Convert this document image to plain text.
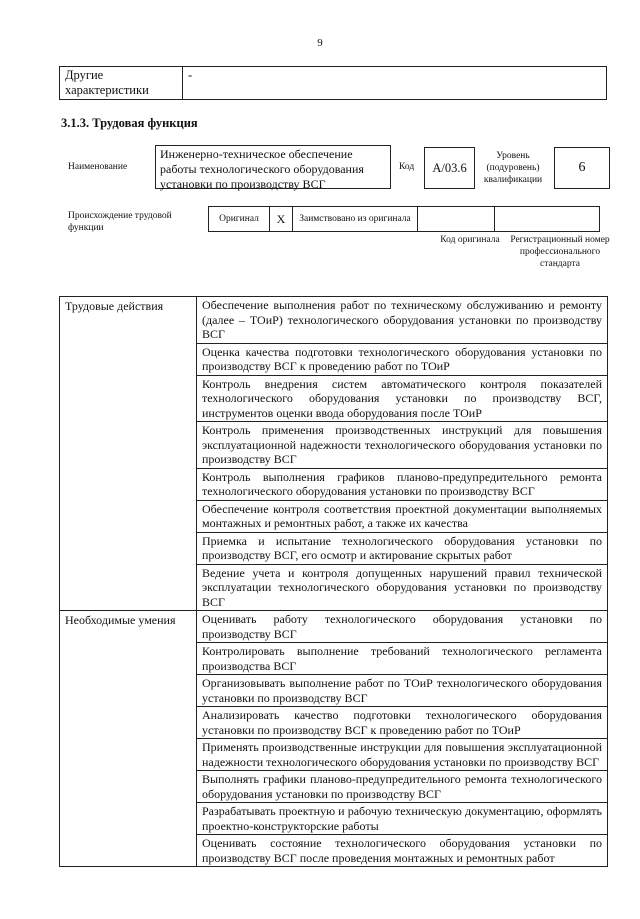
9
Другие характеристики	-
3.1.3. Трудовая функция
Наименование
Инженерно-техническое обеспечение работы технологического оборудования установки по производству ВСГ
Код	A/03.6
Уровень (подуровень) квалификации
6
Происхождение трудовой функции
Оригинал	X	Заимствовано из оригинала		
Код оригинала	Регистрационный номер профессионального стандарта
Трудовые действия	Обеспечение выполнения работ по техническому обслуживанию и ремонту (далее – ТОиР) технологического оборудования установки по производству ВСГ
	Оценка качества подготовки технологического оборудования установки по производству ВСГ к проведению работ по ТОиР
	Контроль внедрения систем автоматического контроля показателей технологического оборудования установки по производству ВСГ, инструментов оценки ввода оборудования после ТОиР
	Контроль применения производственных инструкций для повышения эксплуатационной надежности технологического оборудования установки по производству ВСГ
	Контроль выполнения графиков планово-предупредительного ремонта технологического оборудования установки по производству ВСГ
	Обеспечение контроля соответствия проектной документации выполняемых монтажных и ремонтных работ, а также их качества
	Приемка и испытание технологического оборудования установки по производству ВСГ, его осмотр и актирование скрытых работ
	Ведение учета и контроля допущенных нарушений правил технической эксплуатации технологического оборудования установки по производству ВСГ
Необходимые умения	Оценивать работу технологического оборудования установки по производству ВСГ
	Контролировать выполнение требований технологического регламента производства ВСГ
	Организовывать выполнение работ по ТОиР технологического оборудования установки по производству ВСГ
	Анализировать качество подготовки технологического оборудования установки по производству ВСГ к проведению работ по ТОиР
	Применять производственные инструкции для повышения эксплуатационной надежности технологического оборудования установки по производству ВСГ
	Выполнять графики планово-предупредительного ремонта технологического оборудования установки по производству ВСГ
	Разрабатывать проектную и рабочую техническую документацию, оформлять проектно-конструкторские работы
	Оценивать состояние технологического оборудования установки по производству ВСГ после проведения монтажных и ремонтных работ
